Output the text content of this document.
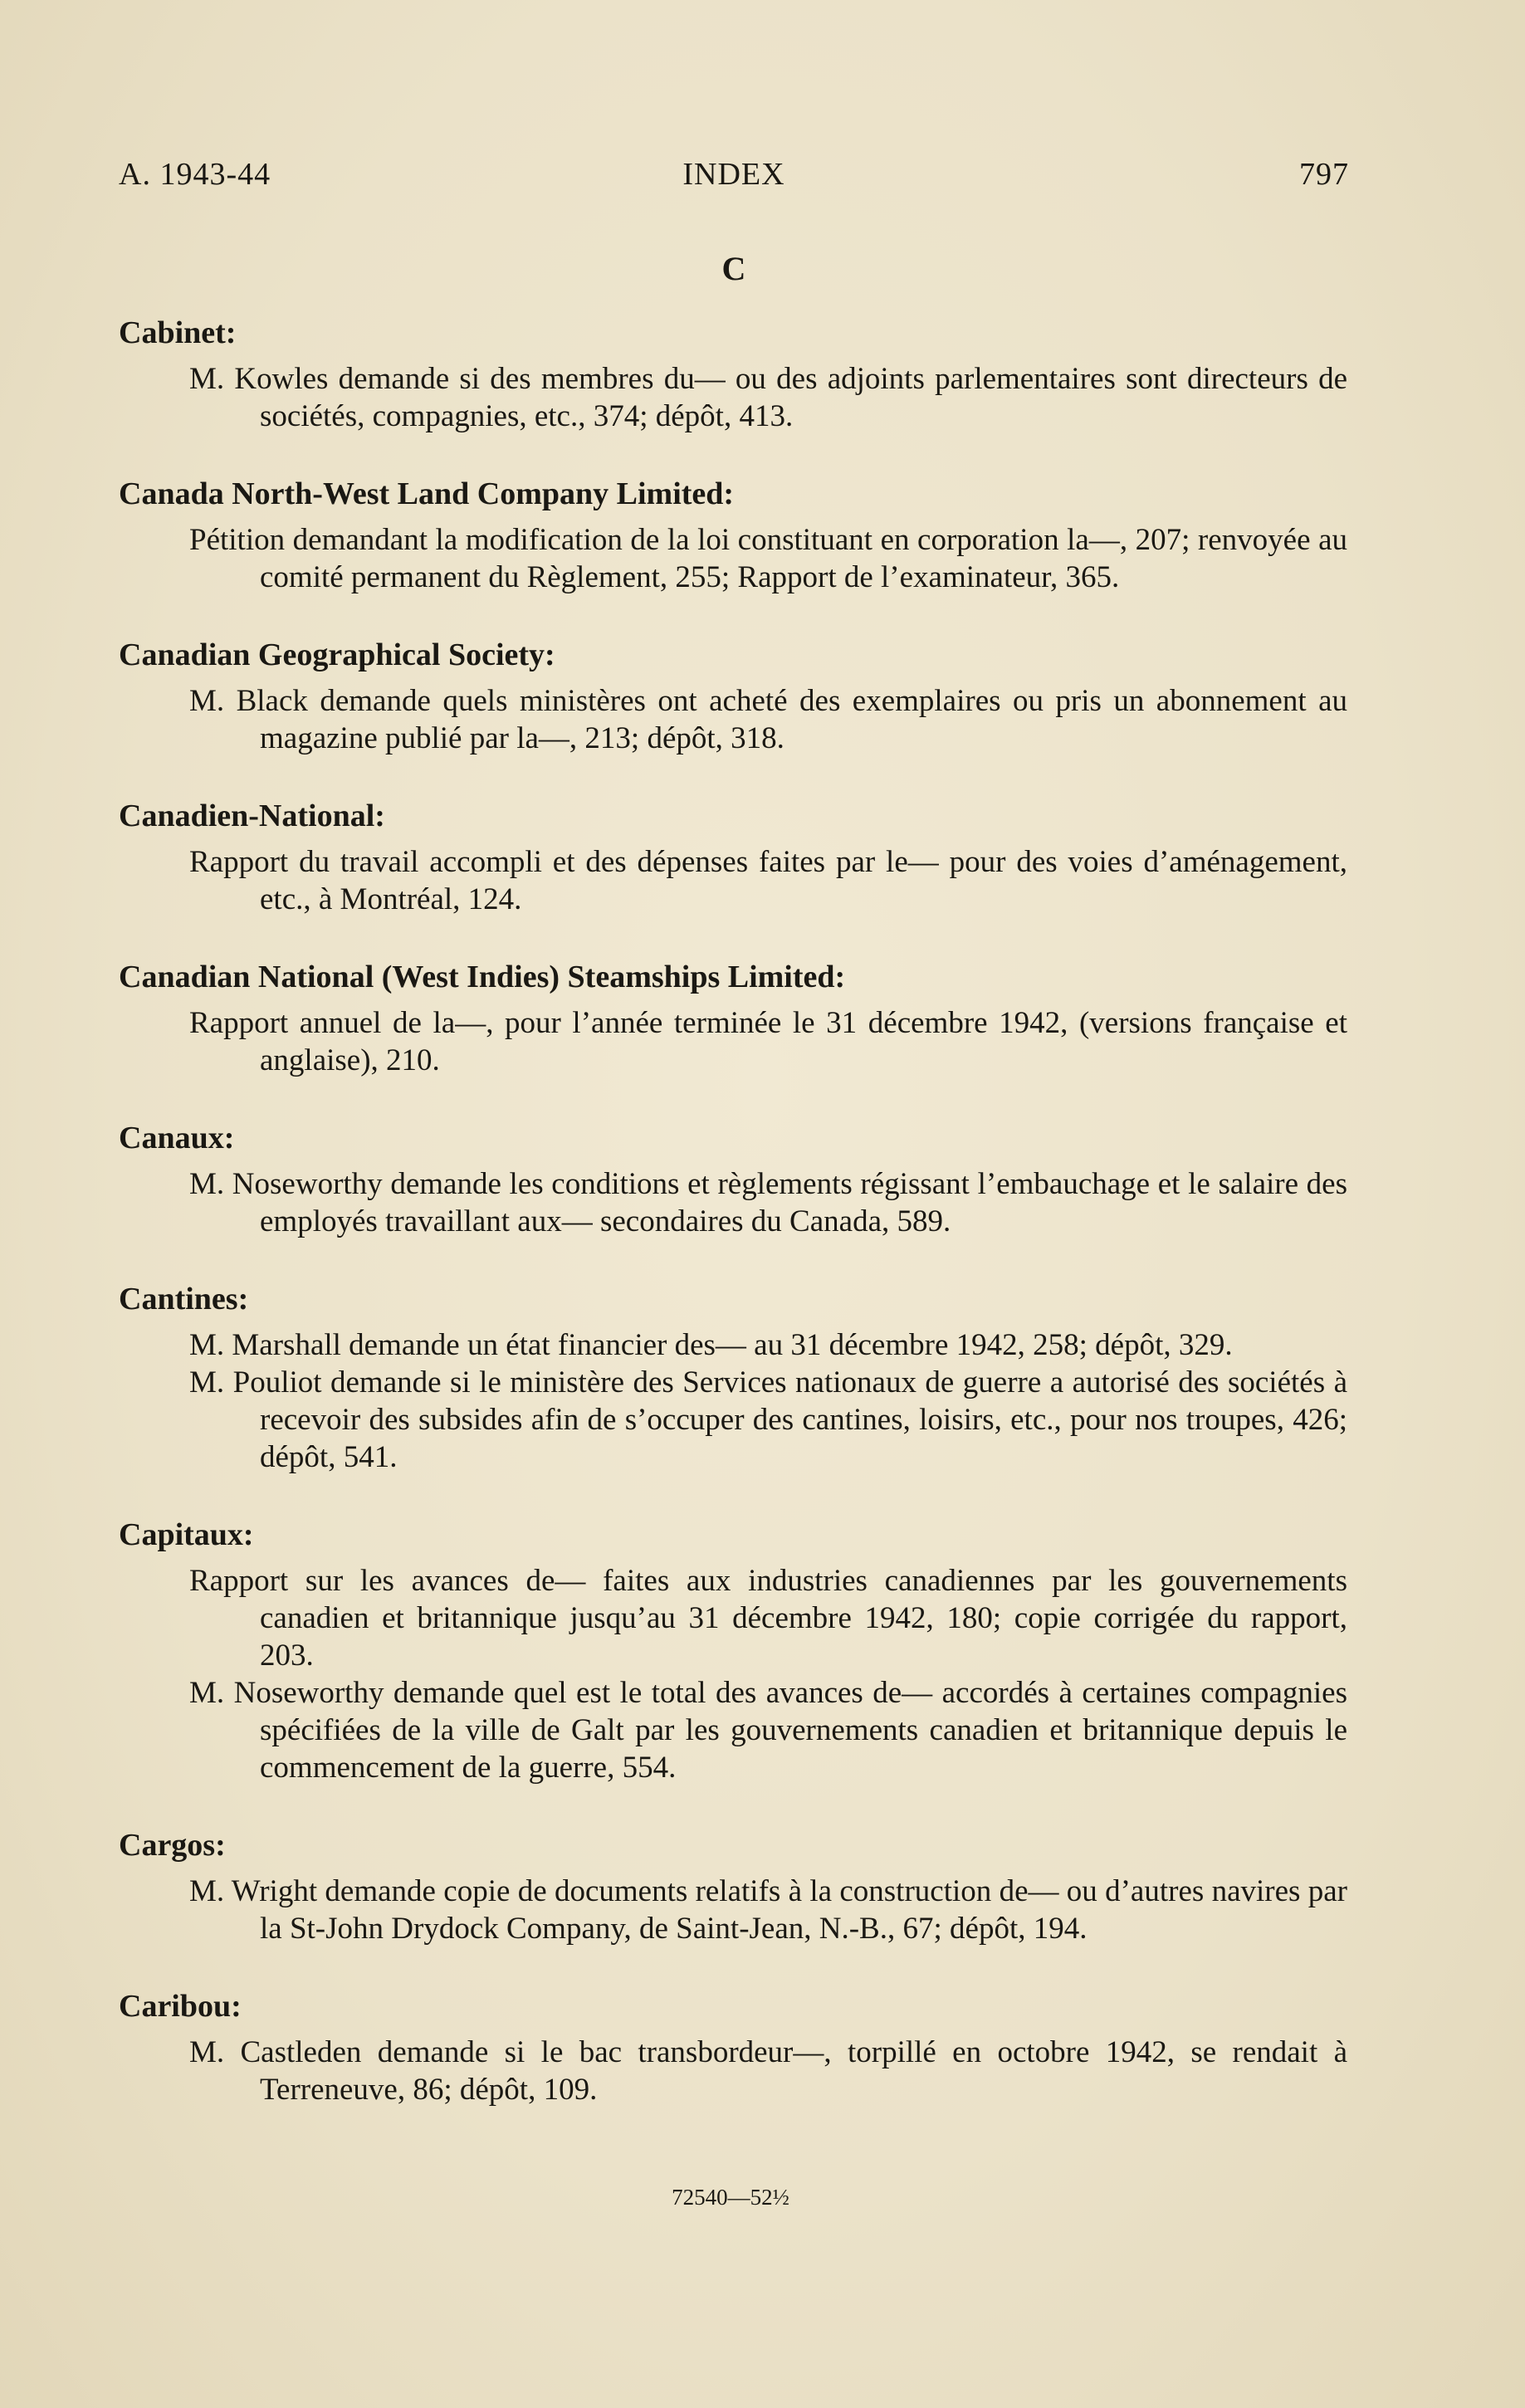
A. 1943-44	INDEX	797
C
Cabinet:
M. Kowles demande si des membres du— ou des adjoints parlementaires sont directeurs de sociétés, compagnies, etc., 374; dépôt, 413.
Canada North-West Land Company Limited:
Pétition demandant la modification de la loi constituant en corporation la—, 207; renvoyée au comité permanent du Règlement, 255; Rapport de l’examinateur, 365.
Canadian Geographical Society:
M. Black demande quels ministères ont acheté des exemplaires ou pris un abonnement au magazine publié par la—, 213; dépôt, 318.
Canadien-National:
Rapport du travail accompli et des dépenses faites par le— pour des voies d’aménagement, etc., à Montréal, 124.
Canadian National (West Indies) Steamships Limited:
Rapport annuel de la—, pour l’année terminée le 31 décembre 1942, (versions française et anglaise), 210.
Canaux:
M. Noseworthy demande les conditions et règlements régissant l’embauchage et le salaire des employés travaillant aux— secondaires du Canada, 589.
Cantines:
M. Marshall demande un état financier des— au 31 décembre 1942, 258; dépôt, 329.
M. Pouliot demande si le ministère des Services nationaux de guerre a autorisé des sociétés à recevoir des subsides afin de s’occuper des cantines, loisirs, etc., pour nos troupes, 426; dépôt, 541.
Capitaux:
Rapport sur les avances de— faites aux industries canadiennes par les gouvernements canadien et britannique jusqu’au 31 décembre 1942, 180; copie corrigée du rapport, 203.
M. Noseworthy demande quel est le total des avances de— accordés à certaines compagnies spécifiées de la ville de Galt par les gouvernements canadien et britannique depuis le commencement de la guerre, 554.
Cargos:
M. Wright demande copie de documents relatifs à la construction de— ou d’autres navires par la St-John Drydock Company, de Saint-Jean, N.-B., 67; dépôt, 194.
Caribou:
M. Castleden demande si le bac transbordeur—, torpillé en octobre 1942, se rendait à Terreneuve, 86; dépôt, 109.
72540—52½
